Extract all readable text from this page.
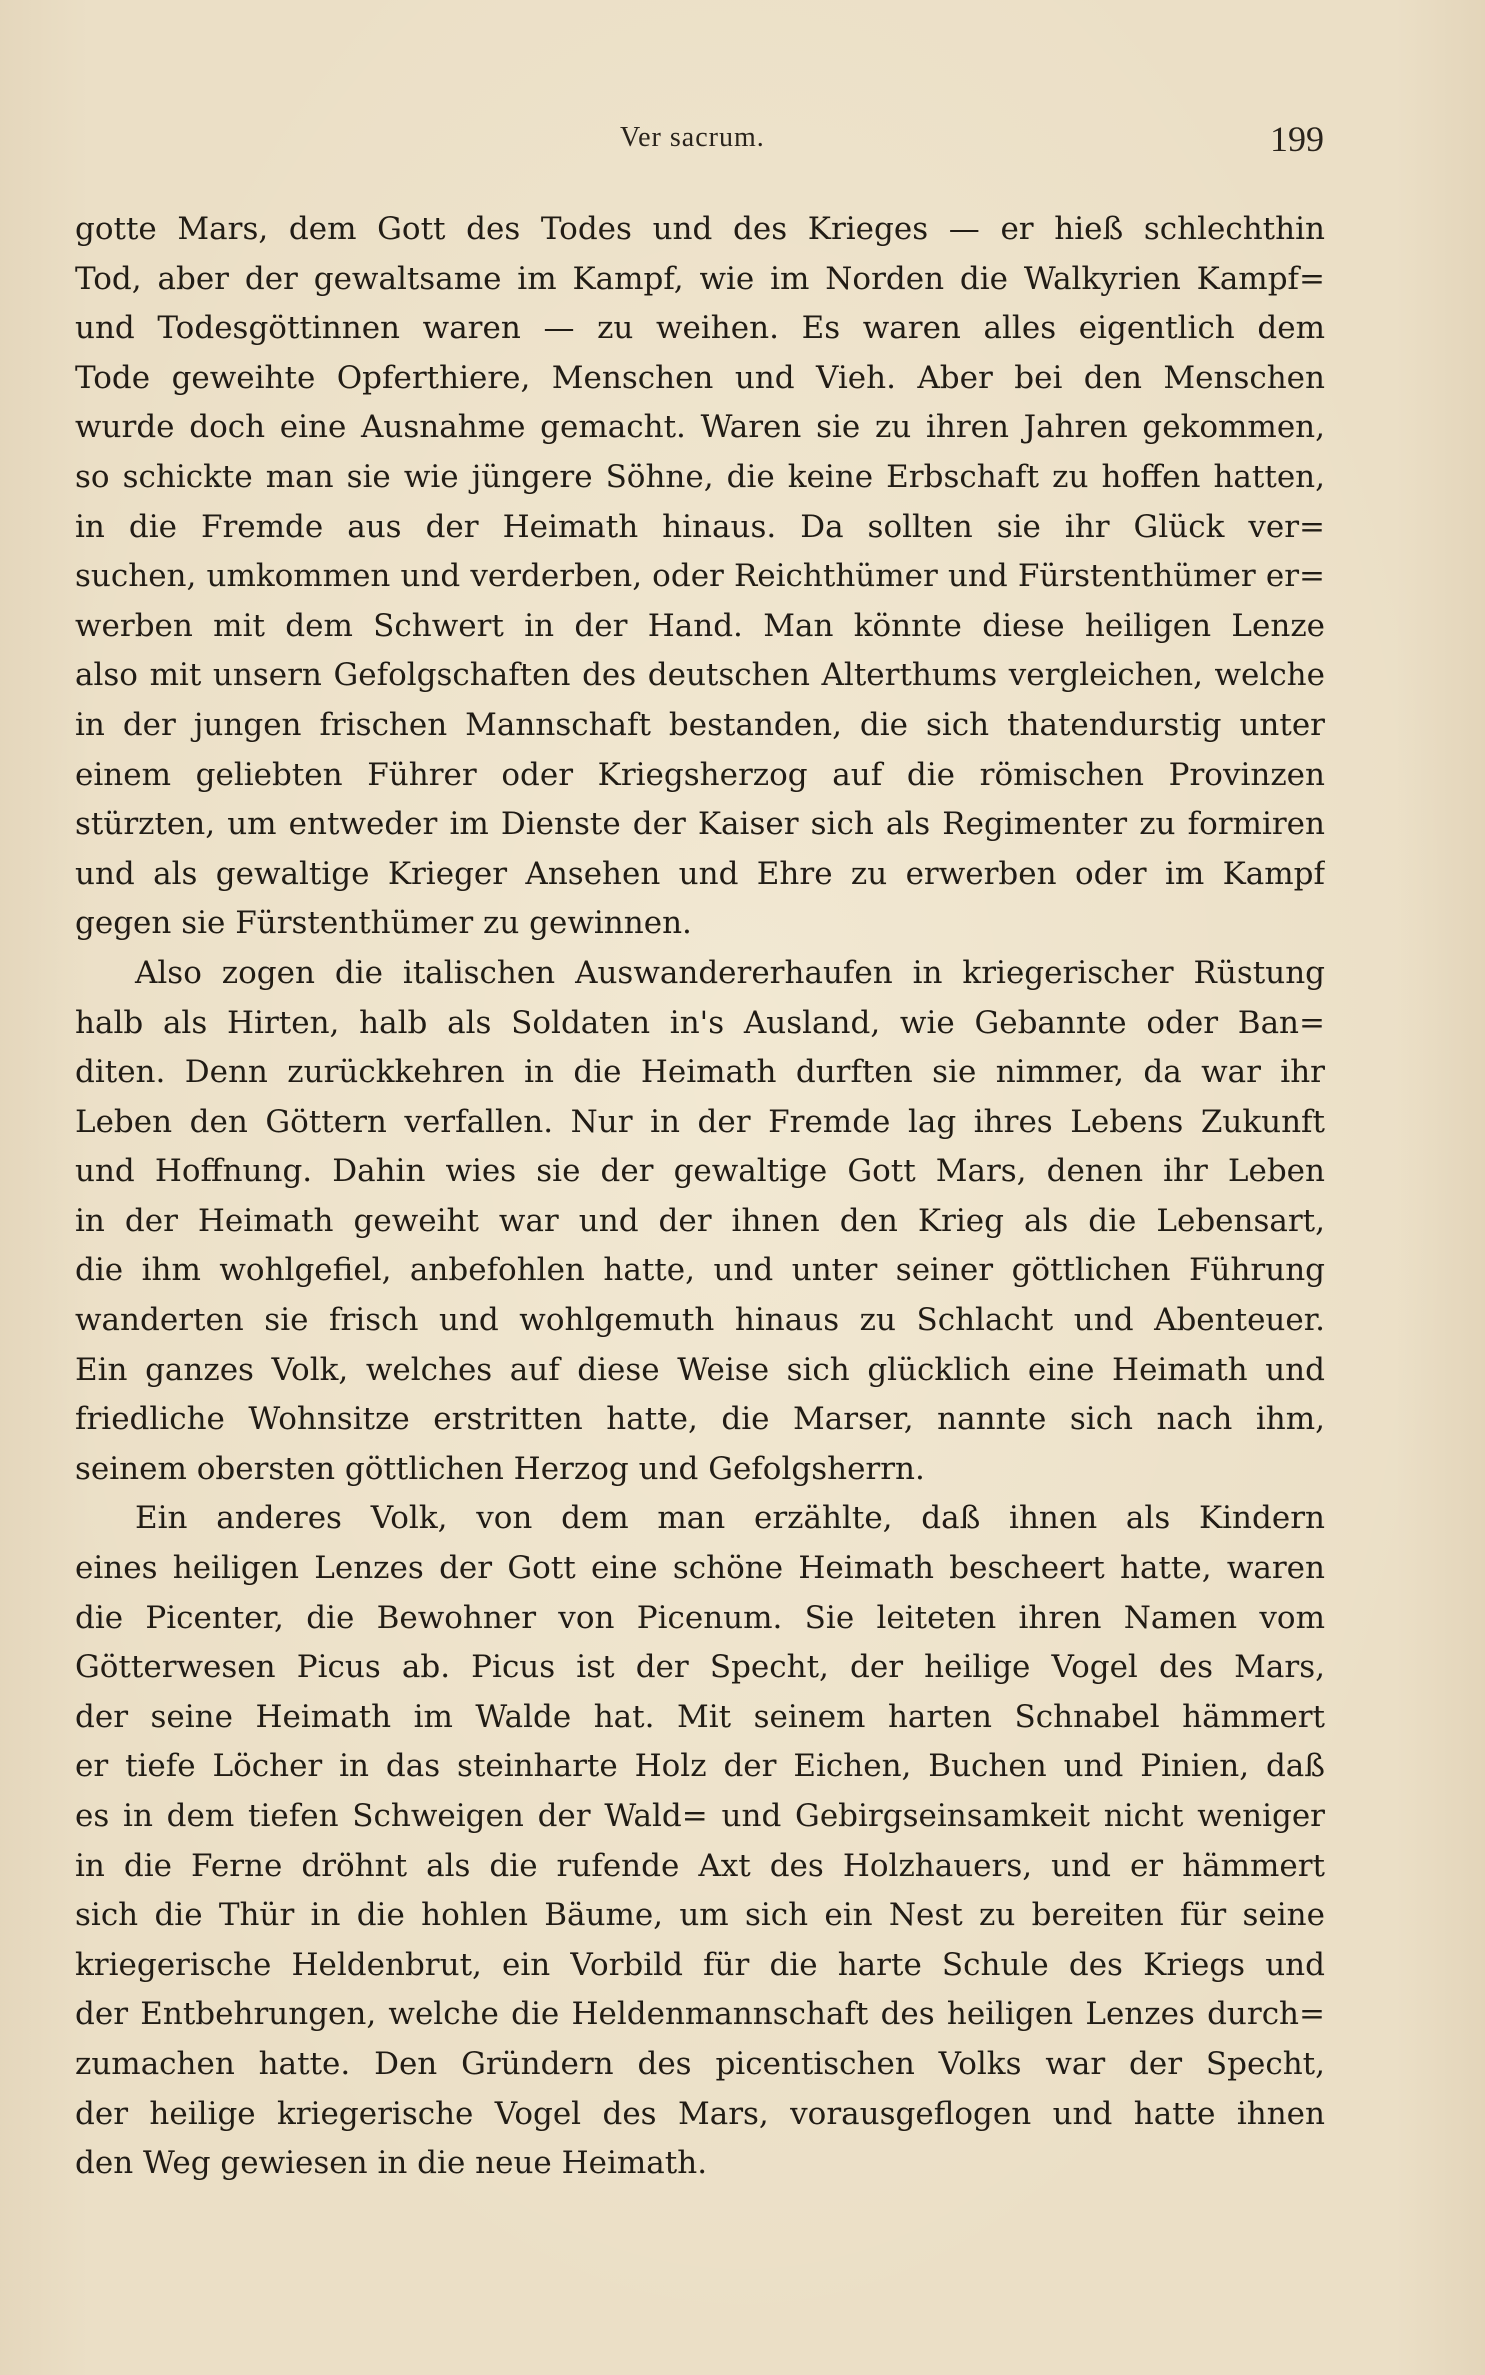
Ver sacrum.	199
gotte Mars, dem Gott des Todes und des Krieges — er hieß schlechthin
Tod, aber der gewaltsame im Kampf, wie im Norden die Walkyrien Kampf=
und Todesgöttinnen waren — zu weihen. Es waren alles eigentlich dem
Tode geweihte Opferthiere, Menschen und Vieh. Aber bei den Menschen
wurde doch eine Ausnahme gemacht. Waren sie zu ihren Jahren gekommen,
so schickte man sie wie jüngere Söhne, die keine Erbschaft zu hoffen hatten,
in die Fremde aus der Heimath hinaus. Da sollten sie ihr Glück ver=
suchen, umkommen und verderben, oder Reichthümer und Fürstenthümer er=
werben mit dem Schwert in der Hand. Man könnte diese heiligen Lenze
also mit unsern Gefolgschaften des deutschen Alterthums vergleichen, welche
in der jungen frischen Mannschaft bestanden, die sich thatendurstig unter
einem geliebten Führer oder Kriegsherzog auf die römischen Provinzen
stürzten, um entweder im Dienste der Kaiser sich als Regimenter zu formiren
und als gewaltige Krieger Ansehen und Ehre zu erwerben oder im Kampf
gegen sie Fürstenthümer zu gewinnen.
Also zogen die italischen Auswandererhaufen in kriegerischer Rüstung
halb als Hirten, halb als Soldaten in's Ausland, wie Gebannte oder Ban=
diten. Denn zurückkehren in die Heimath durften sie nimmer, da war ihr
Leben den Göttern verfallen. Nur in der Fremde lag ihres Lebens Zukunft
und Hoffnung. Dahin wies sie der gewaltige Gott Mars, denen ihr Leben
in der Heimath geweiht war und der ihnen den Krieg als die Lebensart,
die ihm wohlgefiel, anbefohlen hatte, und unter seiner göttlichen Führung
wanderten sie frisch und wohlgemuth hinaus zu Schlacht und Abenteuer.
Ein ganzes Volk, welches auf diese Weise sich glücklich eine Heimath und
friedliche Wohnsitze erstritten hatte, die Marser, nannte sich nach ihm,
seinem obersten göttlichen Herzog und Gefolgsherrn.
Ein anderes Volk, von dem man erzählte, daß ihnen als Kindern
eines heiligen Lenzes der Gott eine schöne Heimath beschеert hatte, waren
die Picenter, die Bewohner von Picenum. Sie leiteten ihren Namen vom
Götterwesen Picus ab. Picus ist der Specht, der heilige Vogel des Mars,
der seine Heimath im Walde hat. Mit seinem harten Schnabel hämmert
er tiefe Löcher in das steinharte Holz der Eichen, Buchen und Pinien, daß
es in dem tiefen Schweigen der Wald= und Gebirgseinsamkeit nicht weniger
in die Ferne dröhnt als die rufende Axt des Holzhauers, und er hämmert
sich die Thür in die hohlen Bäume, um sich ein Nest zu bereiten für seine
kriegerische Heldenbrut, ein Vorbild für die harte Schule des Kriegs und
der Entbehrungen, welche die Heldenmannschaft des heiligen Lenzes durch=
zumachen hatte. Den Gründern des picentischen Volks war der Specht,
der heilige kriegerische Vogel des Mars, vorausgeflogen und hatte ihnen
den Weg gewiesen in die neue Heimath.
